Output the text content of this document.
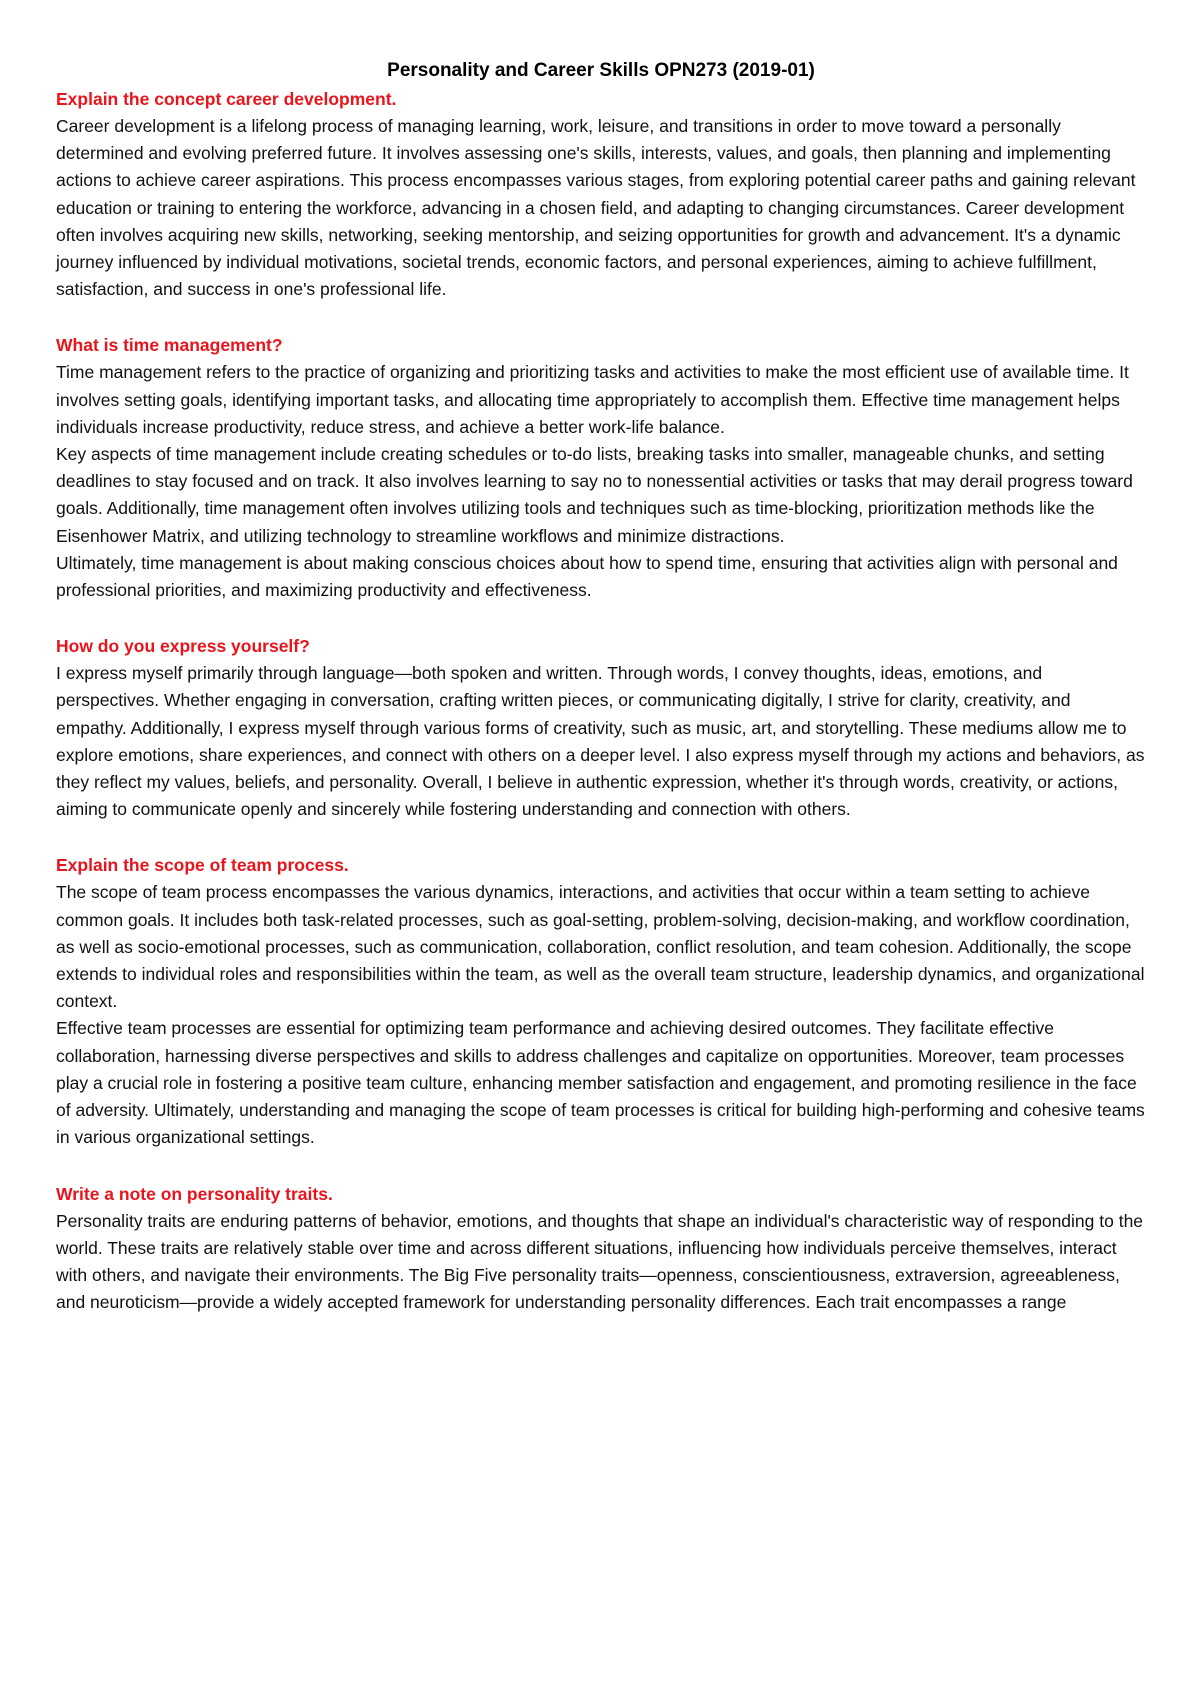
Personality and Career Skills OPN273 (2019-01)
Explain the concept career development.

Career development is a lifelong process of managing learning, work, leisure, and transitions in order to move toward a personally determined and evolving preferred future. It involves assessing one's skills, interests, values, and goals, then planning and implementing actions to achieve career aspirations. This process encompasses various stages, from exploring potential career paths and gaining relevant education or training to entering the workforce, advancing in a chosen field, and adapting to changing circumstances. Career development often involves acquiring new skills, networking, seeking mentorship, and seizing opportunities for growth and advancement. It's a dynamic journey influenced by individual motivations, societal trends, economic factors, and personal experiences, aiming to achieve fulfillment, satisfaction, and success in one's professional life.

What is time management?

Time management refers to the practice of organizing and prioritizing tasks and activities to make the most efficient use of available time. It involves setting goals, identifying important tasks, and allocating time appropriately to accomplish them. Effective time management helps individuals increase productivity, reduce stress, and achieve a better work-life balance.

Key aspects of time management include creating schedules or to-do lists, breaking tasks into smaller, manageable chunks, and setting deadlines to stay focused and on track. It also involves learning to say no to nonessential activities or tasks that may derail progress toward goals. Additionally, time management often involves utilizing tools and techniques such as time-blocking, prioritization methods like the Eisenhower Matrix, and utilizing technology to streamline workflows and minimize distractions.

Ultimately, time management is about making conscious choices about how to spend time, ensuring that activities align with personal and professional priorities, and maximizing productivity and effectiveness.

How do you express yourself?

I express myself primarily through language—both spoken and written. Through words, I convey thoughts, ideas, emotions, and perspectives. Whether engaging in conversation, crafting written pieces, or communicating digitally, I strive for clarity, creativity, and empathy. Additionally, I express myself through various forms of creativity, such as music, art, and storytelling. These mediums allow me to explore emotions, share experiences, and connect with others on a deeper level. I also express myself through my actions and behaviors, as they reflect my values, beliefs, and personality. Overall, I believe in authentic expression, whether it's through words, creativity, or actions, aiming to communicate openly and sincerely while fostering understanding and connection with others.

Explain the scope of team process.

The scope of team process encompasses the various dynamics, interactions, and activities that occur within a team setting to achieve common goals. It includes both task-related processes, such as goal-setting, problem-solving, decision-making, and workflow coordination, as well as socio-emotional processes, such as communication, collaboration, conflict resolution, and team cohesion. Additionally, the scope extends to individual roles and responsibilities within the team, as well as the overall team structure, leadership dynamics, and organizational context.

Effective team processes are essential for optimizing team performance and achieving desired outcomes. They facilitate effective collaboration, harnessing diverse perspectives and skills to address challenges and capitalize on opportunities. Moreover, team processes play a crucial role in fostering a positive team culture, enhancing member satisfaction and engagement, and promoting resilience in the face of adversity. Ultimately, understanding and managing the scope of team processes is critical for building high-performing and cohesive teams in various organizational settings.

Write a note on personality traits.

Personality traits are enduring patterns of behavior, emotions, and thoughts that shape an individual's characteristic way of responding to the world. These traits are relatively stable over time and across different situations, influencing how individuals perceive themselves, interact with others, and navigate their environments. The Big Five personality traits—openness, conscientiousness, extraversion, agreeableness, and neuroticism—provide a widely accepted framework for understanding personality differences. Each trait encompasses a range
